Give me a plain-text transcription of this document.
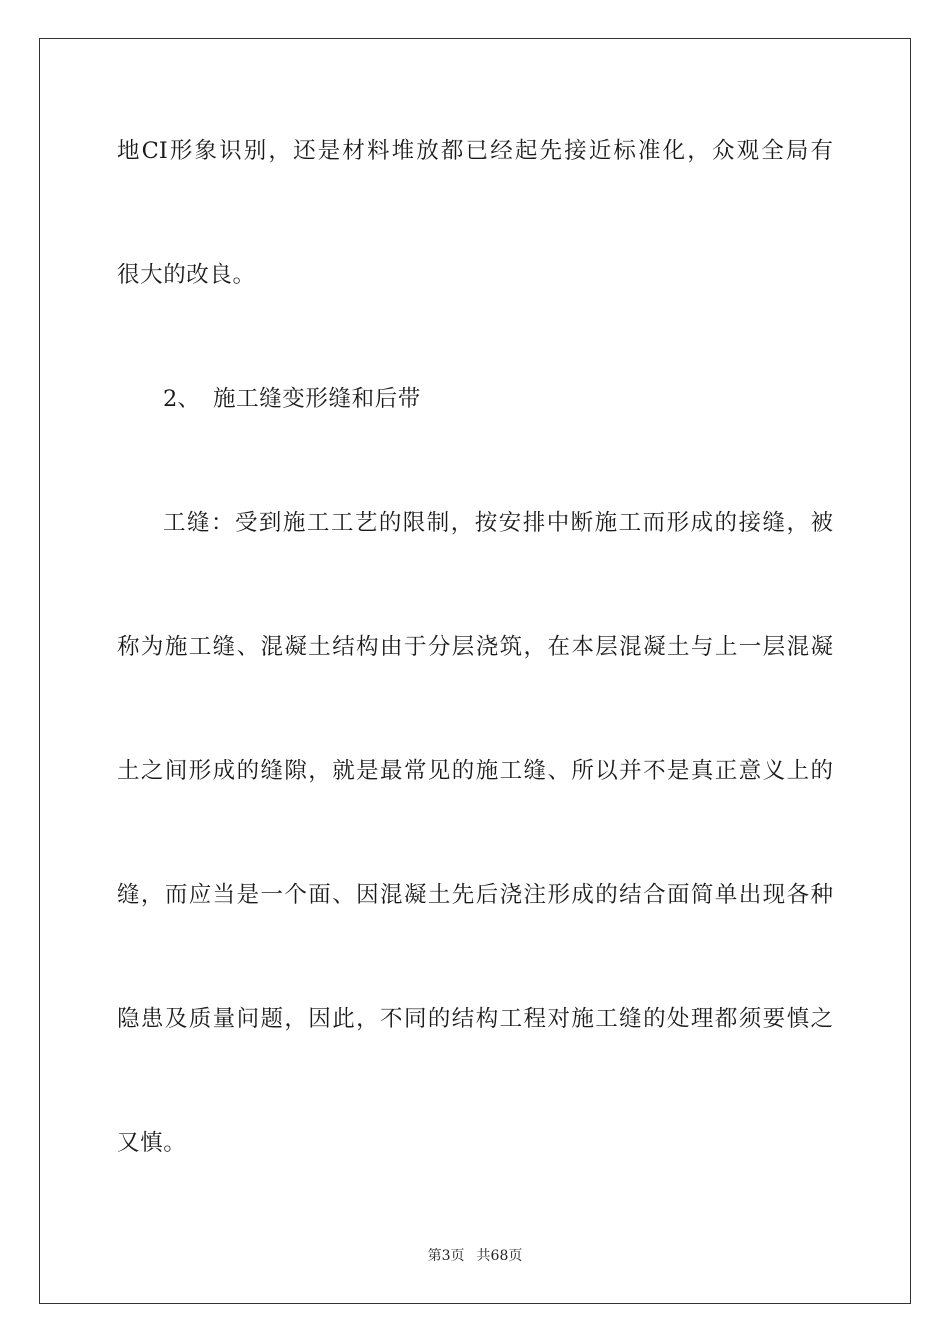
地CI形象识别，还是材料堆放都已经起先接近标准化，众观全局有
很大的改良。
2、 施工缝变形缝和后带
工缝：受到施工工艺的限制，按安排中断施工而形成的接缝，被
称为施工缝、混凝土结构由于分层浇筑，在本层混凝土与上一层混凝
土之间形成的缝隙，就是最常见的施工缝、所以并不是真正意义上的
缝，而应当是一个面、因混凝土先后浇注形成的结合面简单出现各种
隐患及质量问题，因此，不同的结构工程对施工缝的处理都须要慎之
又慎。
第3页 共68页
